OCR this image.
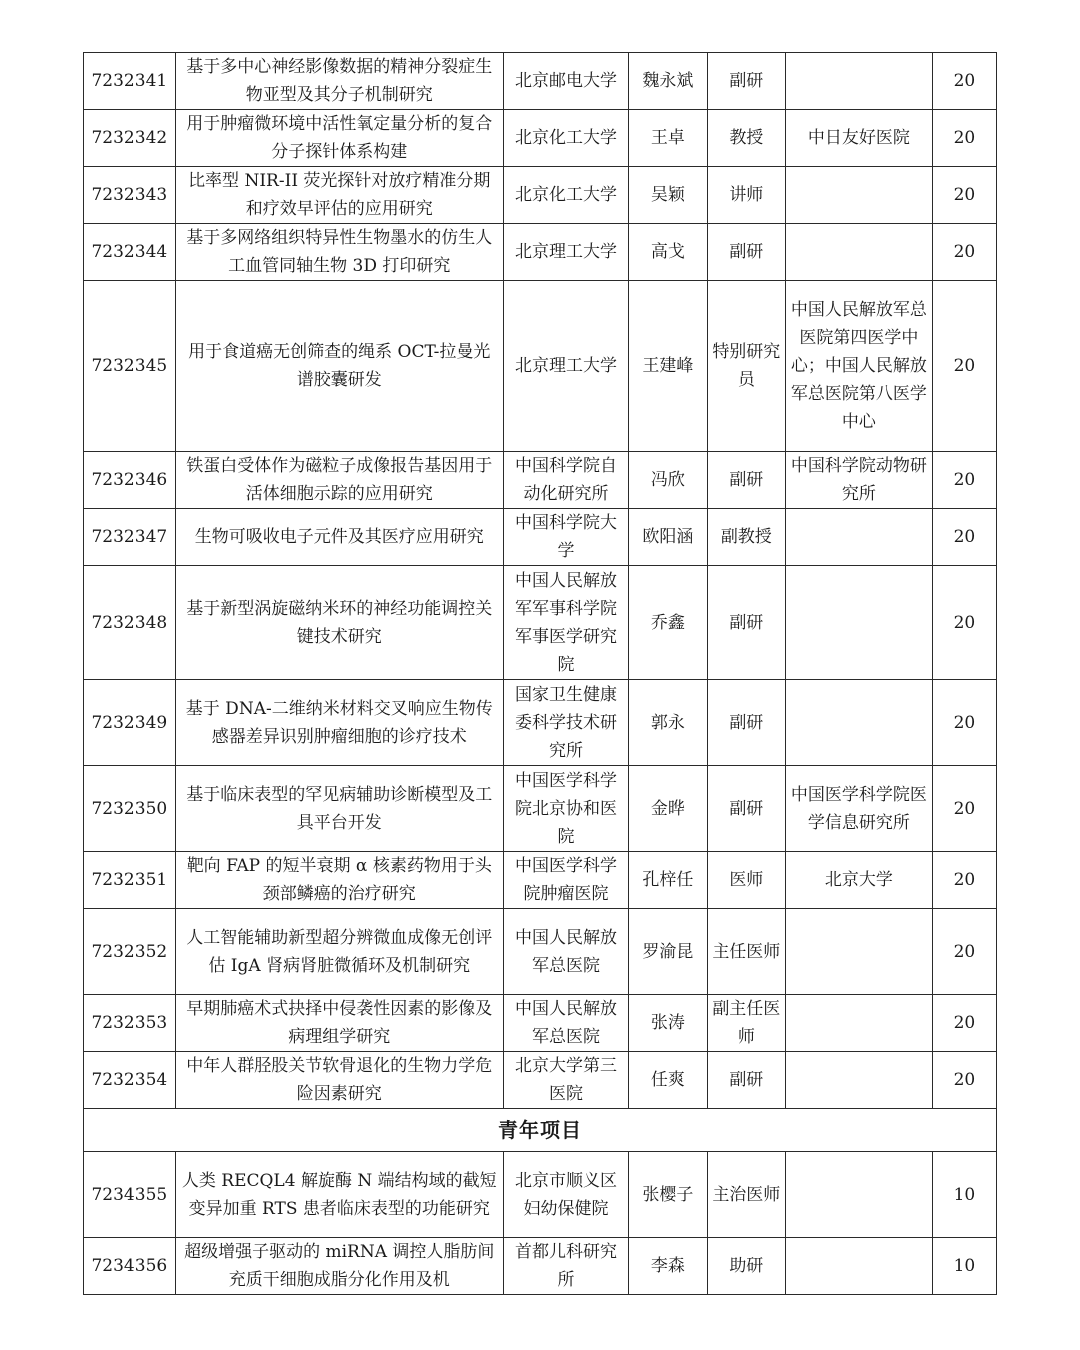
7232341	基于多中心神经影像数据的精神分裂症生物亚型及其分子机制研究	北京邮电大学	魏永斌	副研		20
7232342	用于肿瘤微环境中活性氧定量分析的复合分子探针体系构建	北京化工大学	王卓	教授	中日友好医院	20
7232343	比率型 NIR-II 荧光探针对放疗精准分期和疗效早评估的应用研究	北京化工大学	吴颖	讲师		20
7232344	基于多网络组织特异性生物墨水的仿生人工血管同轴生物 3D 打印研究	北京理工大学	高戈	副研		20
7232345	用于食道癌无创筛查的绳系 OCT-拉曼光谱胶囊研发	北京理工大学	王建峰	特别研究员	中国人民解放军总医院第四医学中心；中国人民解放军总医院第八医学中心	20
7232346	铁蛋白受体作为磁粒子成像报告基因用于活体细胞示踪的应用研究	中国科学院自动化研究所	冯欣	副研	中国科学院动物研究所	20
7232347	生物可吸收电子元件及其医疗应用研究	中国科学院大学	欧阳涵	副教授		20
7232348	基于新型涡旋磁纳米环的神经功能调控关键技术研究	中国人民解放军军事科学院军事医学研究院	乔鑫	副研		20
7232349	基于 DNA-二维纳米材料交叉响应生物传感器差异识别肿瘤细胞的诊疗技术	国家卫生健康委科学技术研究所	郭永	副研		20
7232350	基于临床表型的罕见病辅助诊断模型及工具平台开发	中国医学科学院北京协和医院	金晔	副研	中国医学科学院医学信息研究所	20
7232351	靶向 FAP 的短半衰期 α 核素药物用于头颈部鳞癌的治疗研究	中国医学科学院肿瘤医院	孔梓任	医师	北京大学	20
7232352	人工智能辅助新型超分辨微血成像无创评估 IgA 肾病肾脏微循环及机制研究	中国人民解放军总医院	罗渝昆	主任医师		20
7232353	早期肺癌术式抉择中侵袭性因素的影像及病理组学研究	中国人民解放军总医院	张涛	副主任医师		20
7232354	中年人群胫股关节软骨退化的生物力学危险因素研究	北京大学第三医院	任爽	副研		20
青年项目						
7234355	人类 RECQL4 解旋酶 N 端结构域的截短变异加重 RTS 患者临床表型的功能研究	北京市顺义区妇幼保健院	张樱子	主治医师		10
7234356	超级增强子驱动的 miRNA 调控人脂肪间充质干细胞成脂分化作用及机	首都儿科研究所	李森	助研		10
